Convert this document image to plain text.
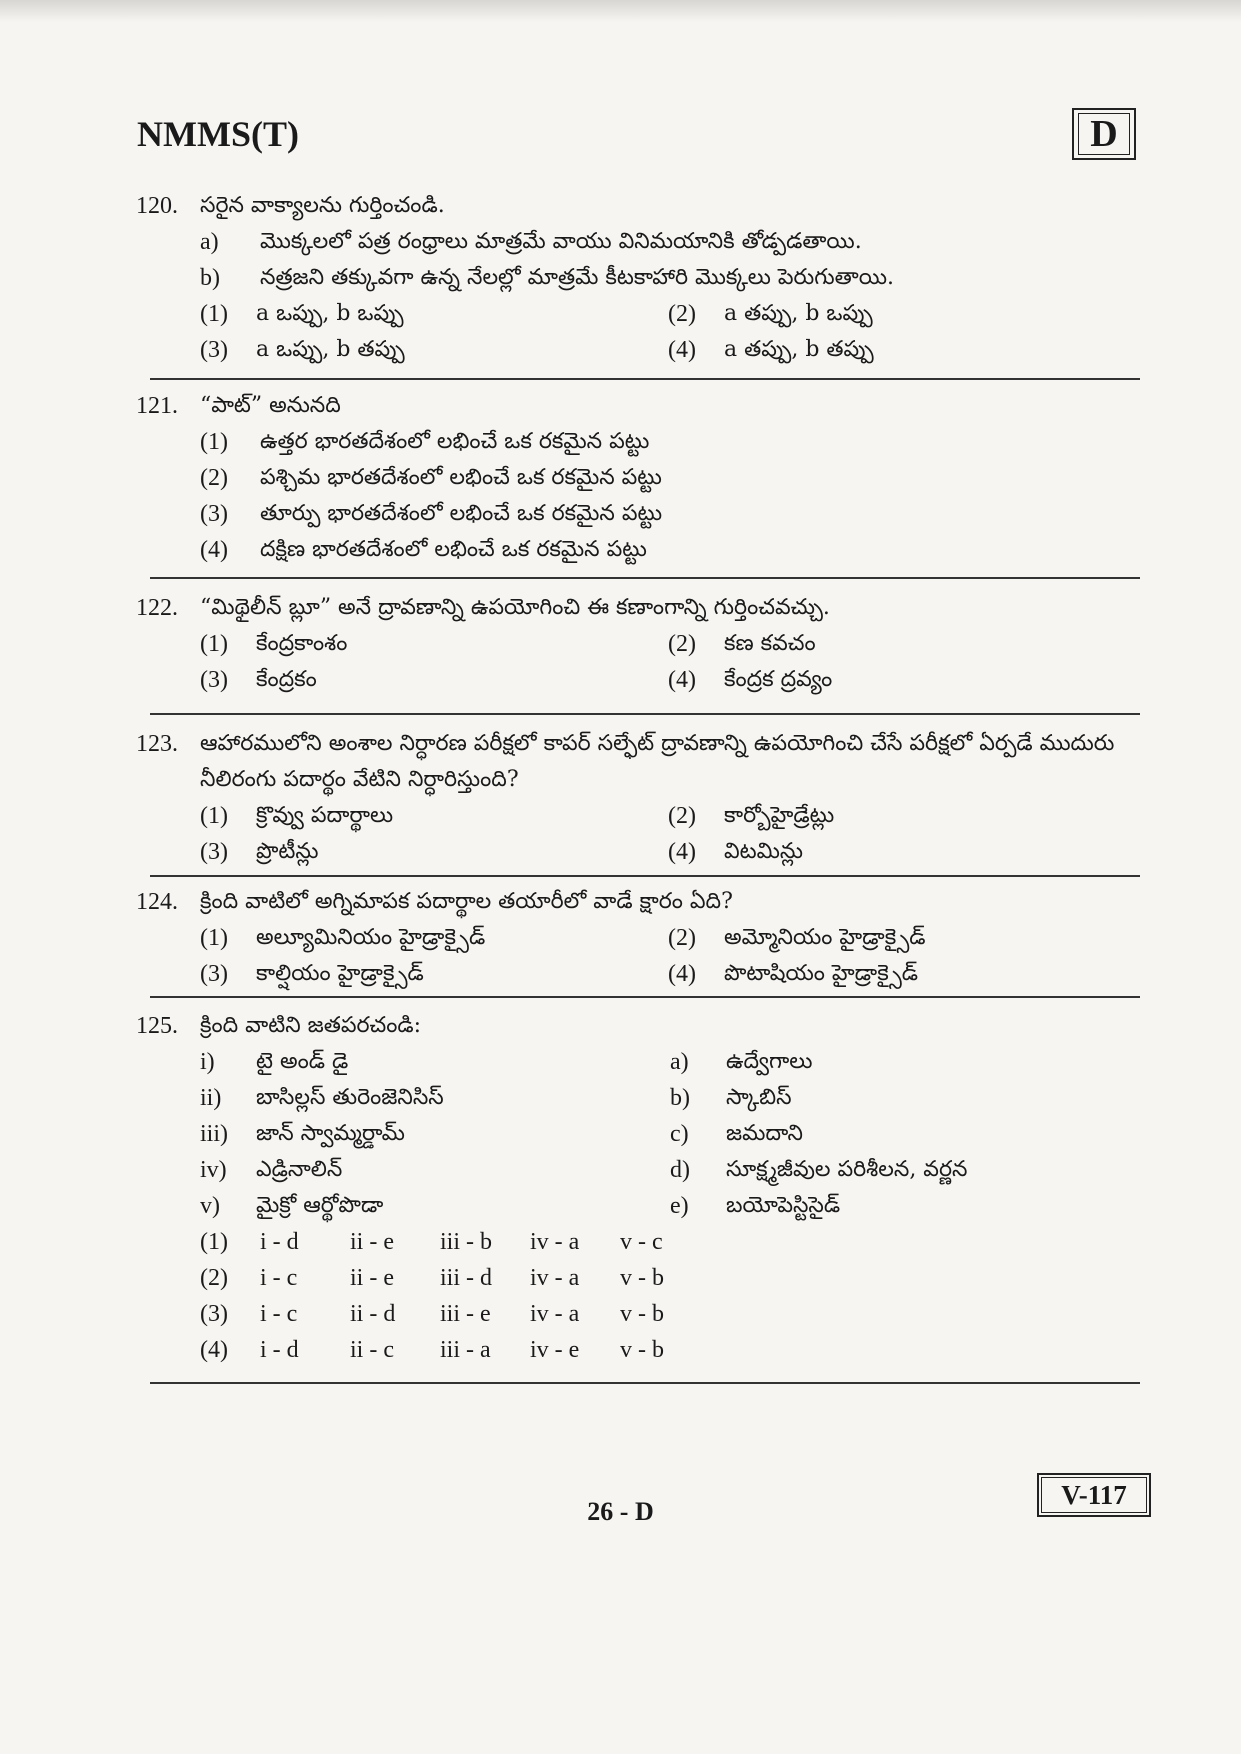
NMMS(T)	D
120.	సరైన వాక్యాలను గుర్తించండి.
a)	మొక్కలలో పత్ర రంధ్రాలు మాత్రమే వాయు వినిమయానికి తోడ్పడతాయి.
b)	నత్రజని తక్కువగా ఉన్న నేలల్లో మాత్రమే కీటకాహారి మొక్కలు పెరుగుతాయి.
(1)	a ఒప్పు, b ఒప్పు	(2)	a తప్పు, b ఒప్పు
(3)	a ఒప్పు, b తప్పు	(4)	a తప్పు, b తప్పు
121.	“పాట్” అనునది
(1)	ఉత్తర భారతదేశంలో లభించే ఒక రకమైన పట్టు
(2)	పశ్చిమ భారతదేశంలో లభించే ఒక రకమైన పట్టు
(3)	తూర్పు భారతదేశంలో లభించే ఒక రకమైన పట్టు
(4)	దక్షిణ భారతదేశంలో లభించే ఒక రకమైన పట్టు
122.	“మిథైలీన్ బ్లూ” అనే ద్రావణాన్ని ఉపయోగించి ఈ కణాంగాన్ని గుర్తించవచ్చు.
(1)	కేంద్రకాంశం	(2)	కణ కవచం
(3)	కేంద్రకం	(4)	కేంద్రక ద్రవ్యం
123.	ఆహారములోని అంశాల నిర్ధారణ పరీక్షలో కాపర్ సల్ఫేట్ ద్రావణాన్ని ఉపయోగించి చేసే పరీక్షలో ఏర్పడే ముదురు నీలిరంగు పదార్థం వేటిని నిర్ధారిస్తుంది?
(1)	క్రొవ్వు పదార్థాలు	(2)	కార్బోహైడ్రేట్లు
(3)	ప్రొటీన్లు	(4)	విటమిన్లు
124.	క్రింది వాటిలో అగ్నిమాపక పదార్థాల తయారీలో వాడే క్షారం ఏది?
(1)	అల్యూమినియం హైడ్రాక్సైడ్	(2)	అమ్మోనియం హైడ్రాక్సైడ్
(3)	కాల్షియం హైడ్రాక్సైడ్	(4)	పొటాషియం హైడ్రాక్సైడ్
125.	క్రింది వాటిని జతపరచండి:
i)	టై అండ్ డై	a)	ఉద్వేగాలు
ii)	బాసిల్లస్ తురెంజెనిసిస్	b)	స్కాబిస్
iii)	జాన్ స్వామ్మర్డామ్	c)	జమదాని
iv)	ఎడ్రినాలిన్	d)	సూక్ష్మజీవుల పరిశీలన, వర్ణన
v)	మైక్రో ఆర్థోపొడా	e)	బయోపెస్టిసైడ్
(1)	i - d	ii - e	iii - b	iv - a	v - c
(2)	i - c	ii - e	iii - d	iv - a	v - b
(3)	i - c	ii - d	iii - e	iv - a	v - b
(4)	i - d	ii - c	iii - a	iv - e	v - b
V-117
26 - D
